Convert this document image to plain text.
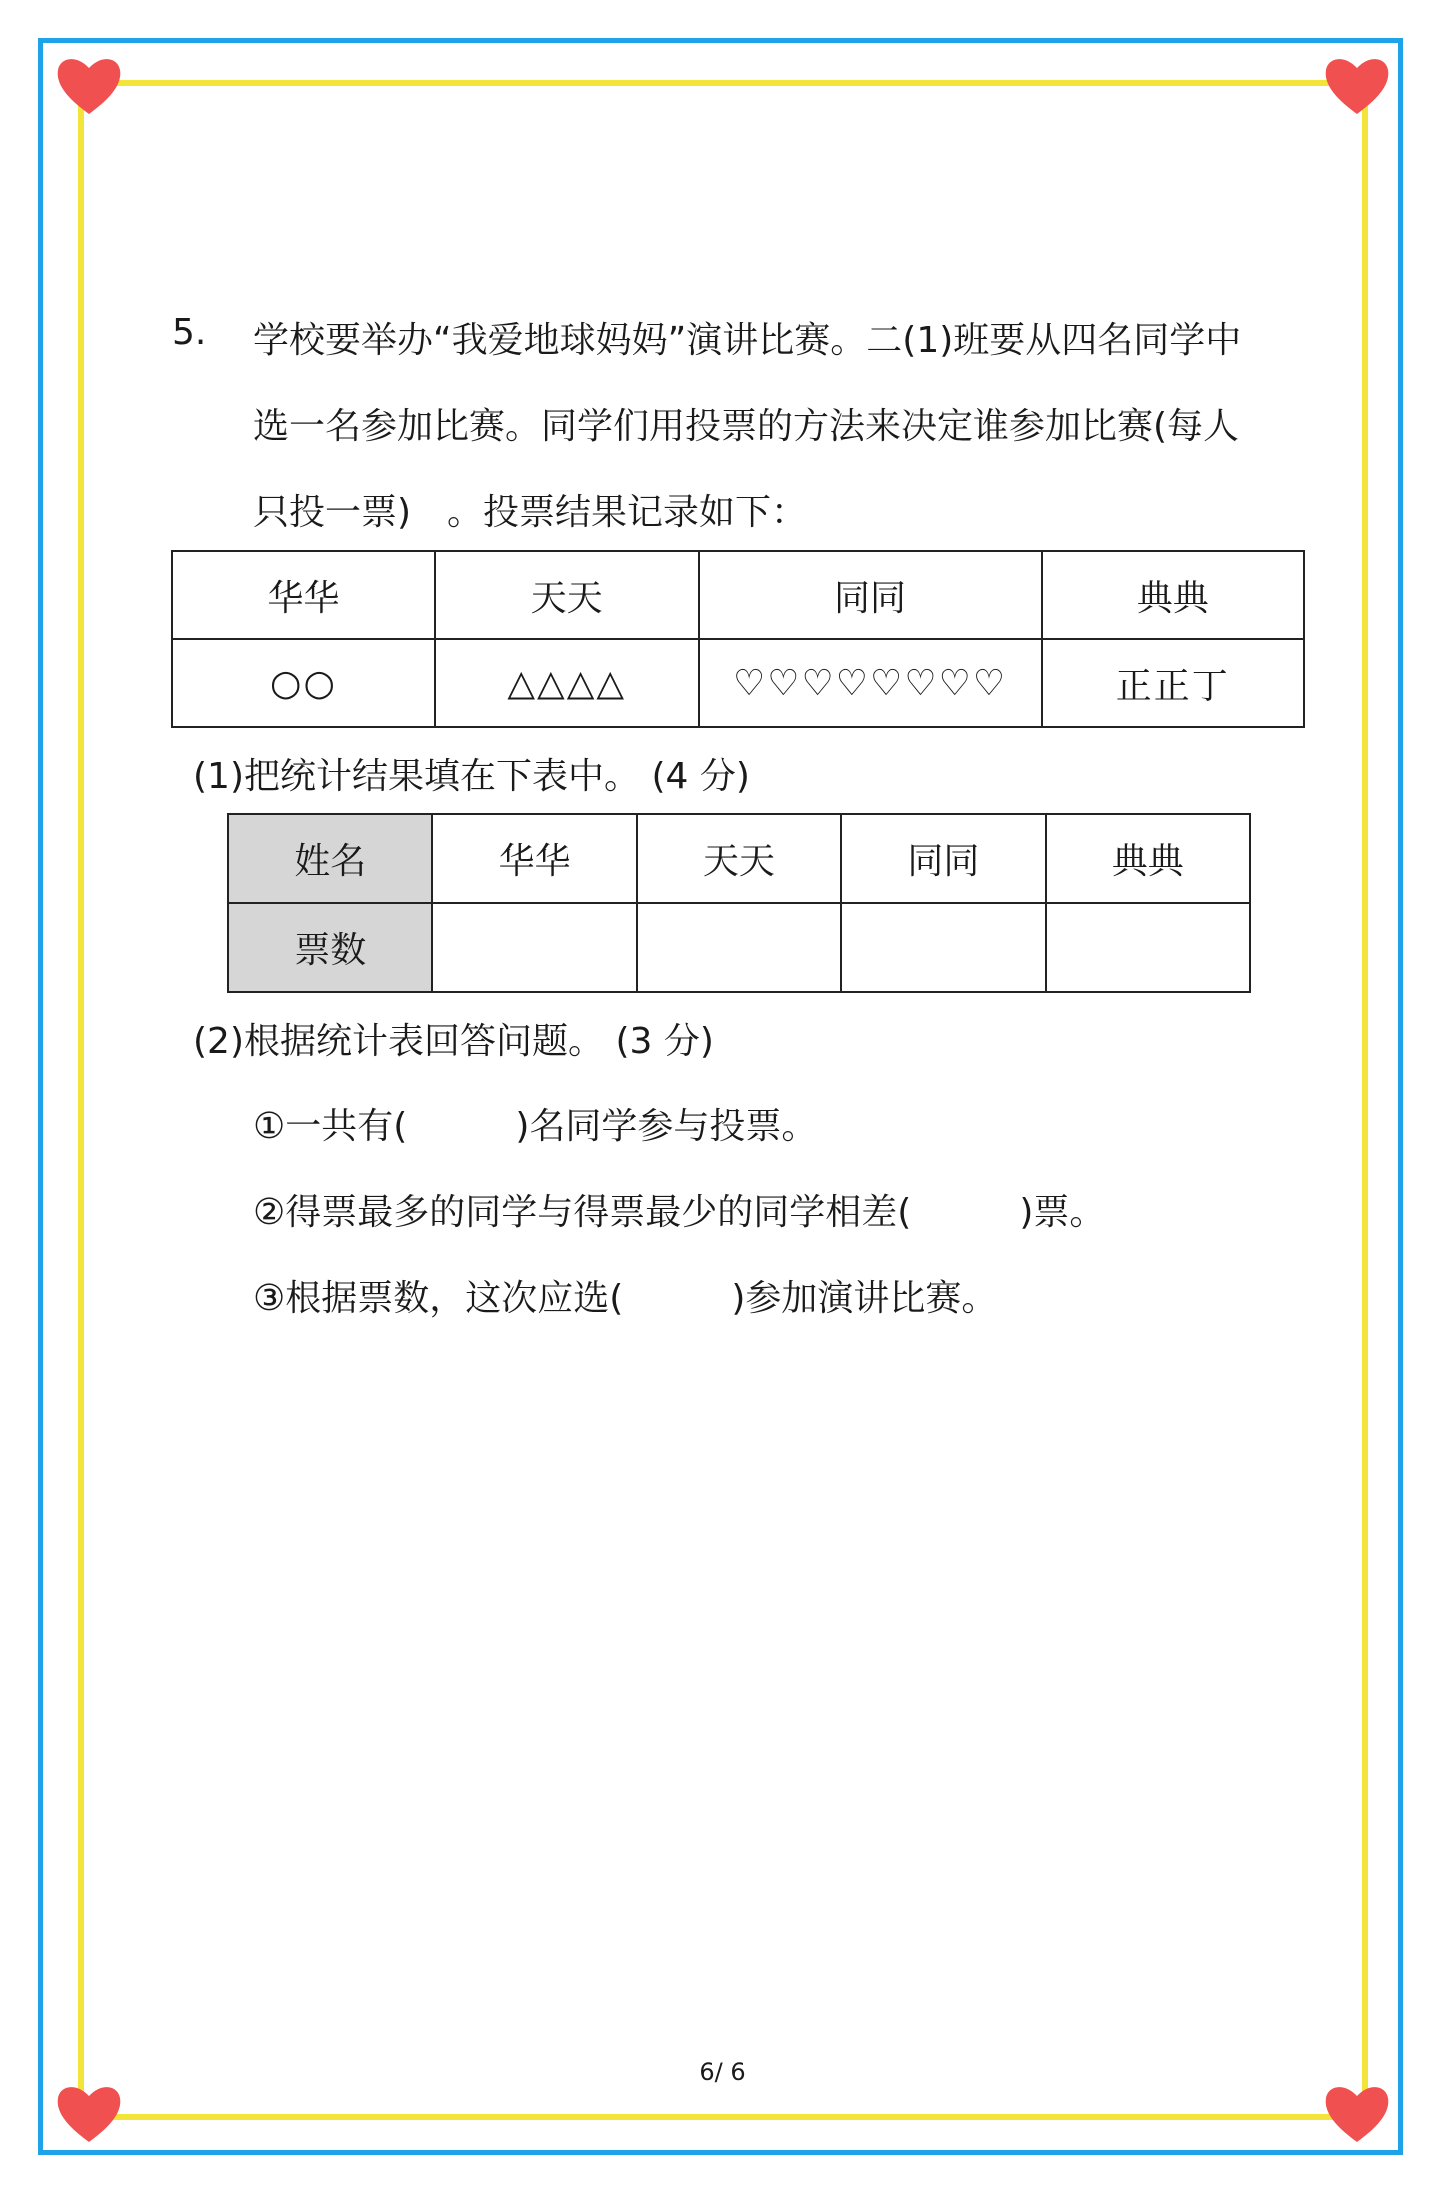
5. 学校要举办“我爱地球妈妈”演讲比赛。二(1)班要从四名同学中
选一名参加比赛。同学们用投票的方法来决定谁参加比赛(每人
只投一票)　。投票结果记录如下：
华华	天天	同同	典典
○○	△△△△	♡♡♡♡♡♡♡♡	正正丁
(1)把统计结果填在下表中。 (4 分)
姓名	华华	天天	同同	典典
票数				
(2)根据统计表回答问题。 (3 分)
①一共有(　　　)名同学参与投票。
②得票最多的同学与得票最少的同学相差(　　　)票。
③根据票数，这次应选(　　　)参加演讲比赛。
6/ 6
